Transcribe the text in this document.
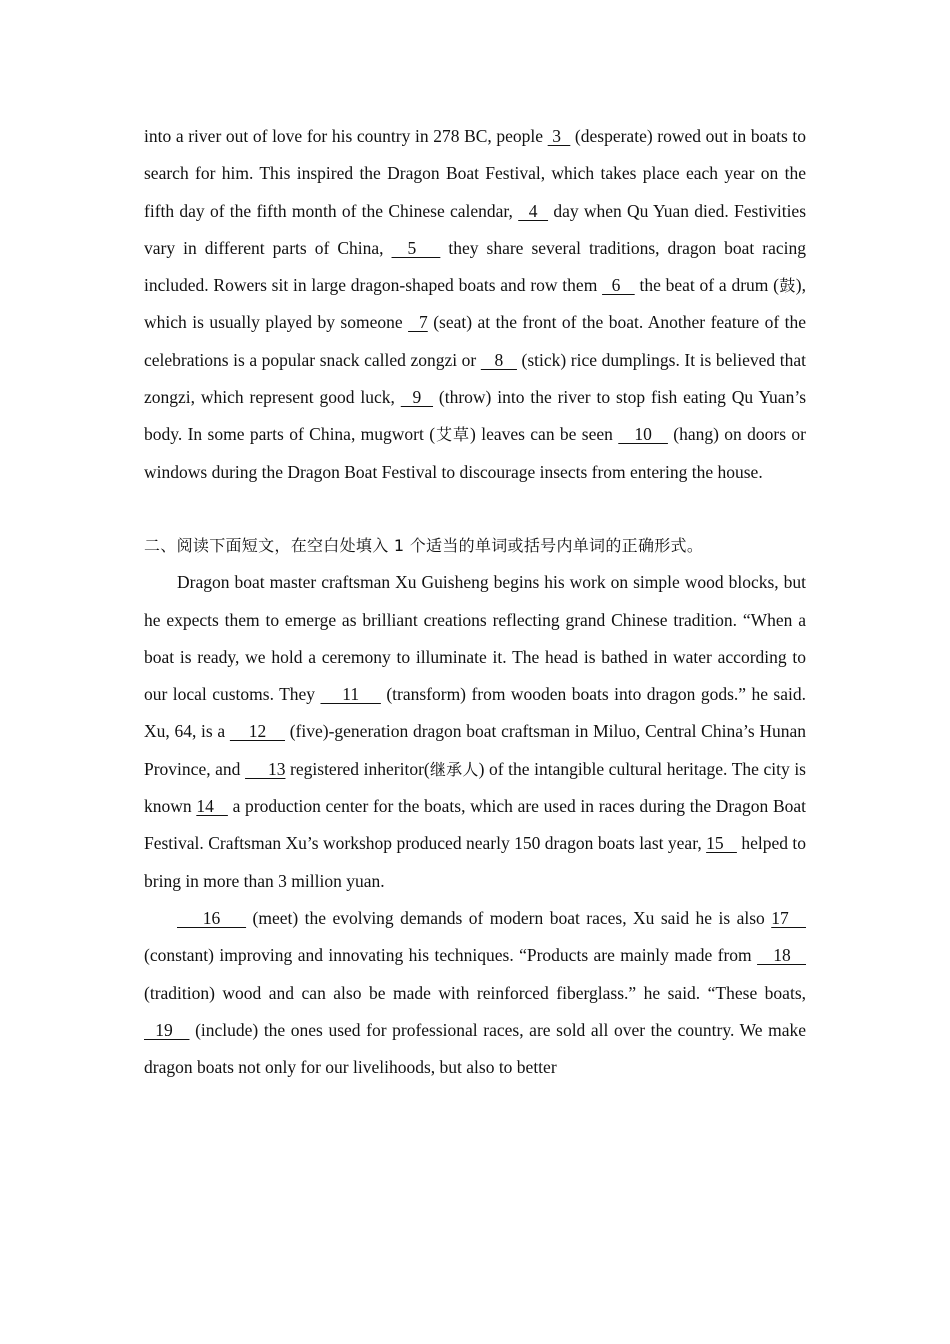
into a river out of love for his country in 278 BC, people  3   (desperate) rowed out in boats to search for him. This inspired the Dragon Boat Festival, which takes place each year on the fifth day of the fifth month of the Chinese calendar,   4   day when Qu Yuan died. Festivities vary in different parts of China,   5    they share several traditions, dragon boat racing included. Rowers sit in large dragon-shaped boats and row them   6    the beat of a drum (鼓), which is usually played by someone   7 (seat) at the front of the boat. Another feature of the celebrations is a popular snack called zongzi or    8    (stick) rice dumplings. It is believed that zongzi, which represent good luck,   9   (throw) into the river to stop fish eating Qu Yuan’s body. In some parts of China, mugwort (艾草) leaves can be seen    10    (hang) on doors or windows during the Dragon Boat Festival to discourage insects from entering the house.

二、阅读下面短文，在空白处填入 1 个适当的单词或括号内单词的正确形式。

Dragon boat master craftsman Xu Guisheng begins his work on simple wood blocks, but he expects them to emerge as brilliant creations reflecting grand Chinese tradition. “When a boat is ready, we hold a ceremony to illuminate it. The head is bathed in water according to our local customs. They     11     (transform) from wooden boats into dragon gods.” he said. Xu, 64, is a     12     (five)-generation dragon boat craftsman in Miluo, Central China’s Hunan Province, and      13 registered inheritor(继承人) of the intangible cultural heritage. The city is known 14    a production center for the boats, which are used in races during the Dragon Boat Festival. Craftsman Xu’s workshop produced nearly 150 dragon boats last year, 15    helped to bring in more than 3 million yuan.

16     (meet) the evolving demands of modern boat races, Xu said he is also 17    (constant) improving and innovating his techniques. “Products are mainly made from    18    (tradition) wood and can also be made with reinforced fiberglass.” he said. “These boats,   19    (include) the ones used for professional races, are sold all over the country. We make dragon boats not only for our livelihoods, but also to better
